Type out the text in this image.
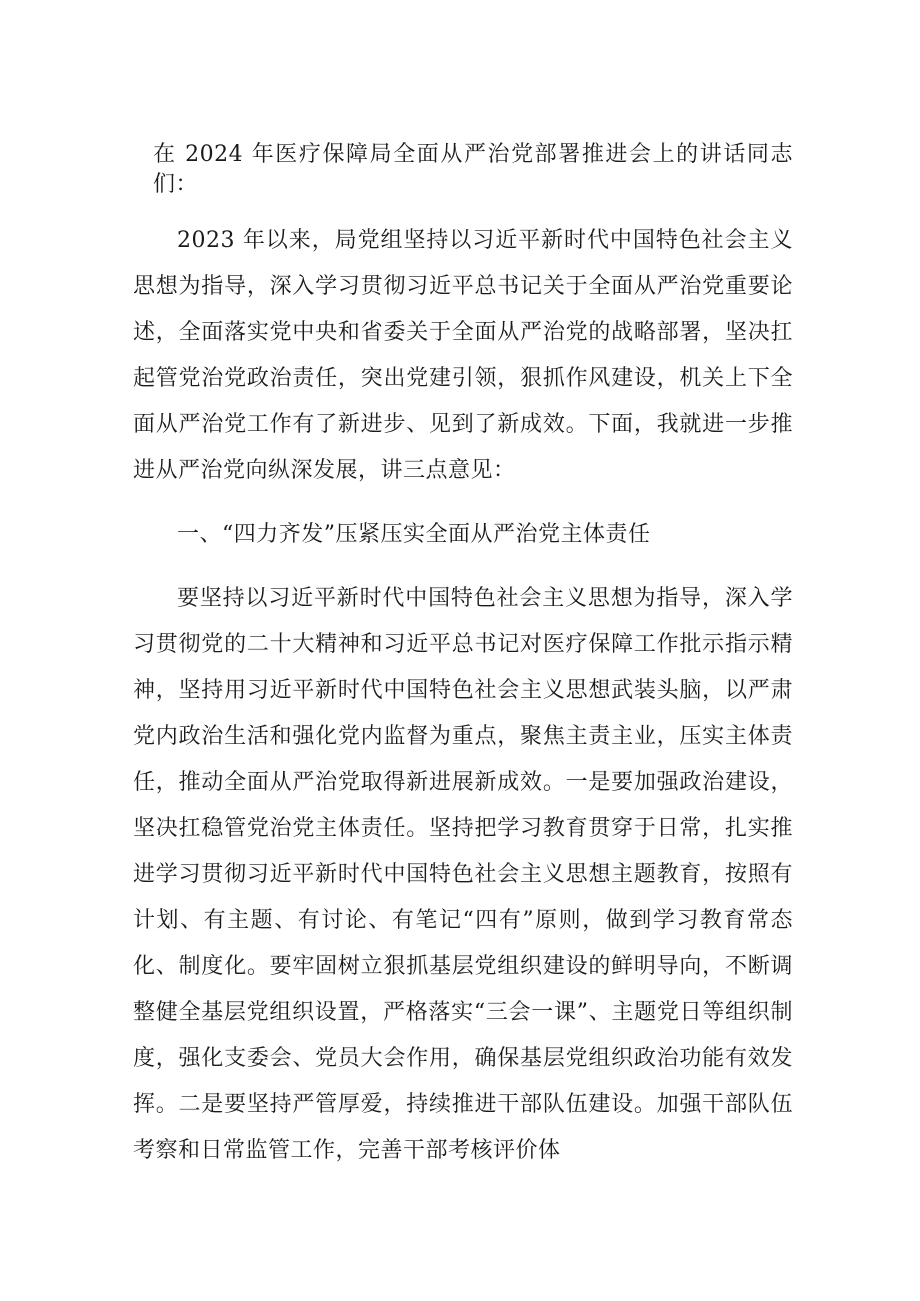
在 2024 年医疗保障局全面从严治党部署推进会上的讲话同志们：
2023 年以来，局党组坚持以习近平新时代中国特色社会主义思想为指导，深入学习贯彻习近平总书记关于全面从严治党重要论述，全面落实党中央和省委关于全面从严治党的战略部署，坚决扛起管党治党政治责任，突出党建引领，狠抓作风建设，机关上下全面从严治党工作有了新进步、见到了新成效。下面，我就进一步推进从严治党向纵深发展，讲三点意见：
一、“四力齐发”压紧压实全面从严治党主体责任
要坚持以习近平新时代中国特色社会主义思想为指导，深入学习贯彻党的二十大精神和习近平总书记对医疗保障工作批示指示精神，坚持用习近平新时代中国特色社会主义思想武装头脑，以严肃党内政治生活和强化党内监督为重点，聚焦主责主业，压实主体责任，推动全面从严治党取得新进展新成效。一是要加强政治建设，坚决扛稳管党治党主体责任。坚持把学习教育贯穿于日常，扎实推进学习贯彻习近平新时代中国特色社会主义思想主题教育，按照有计划、有主题、有讨论、有笔记“四有”原则，做到学习教育常态化、制度化。要牢固树立狠抓基层党组织建设的鲜明导向，不断调整健全基层党组织设置，严格落实“三会一课”、主题党日等组织制度，强化支委会、党员大会作用，确保基层党组织政治功能有效发挥。二是要坚持严管厚爱，持续推进干部队伍建设。加强干部队伍考察和日常监管工作，完善干部考核评价体
